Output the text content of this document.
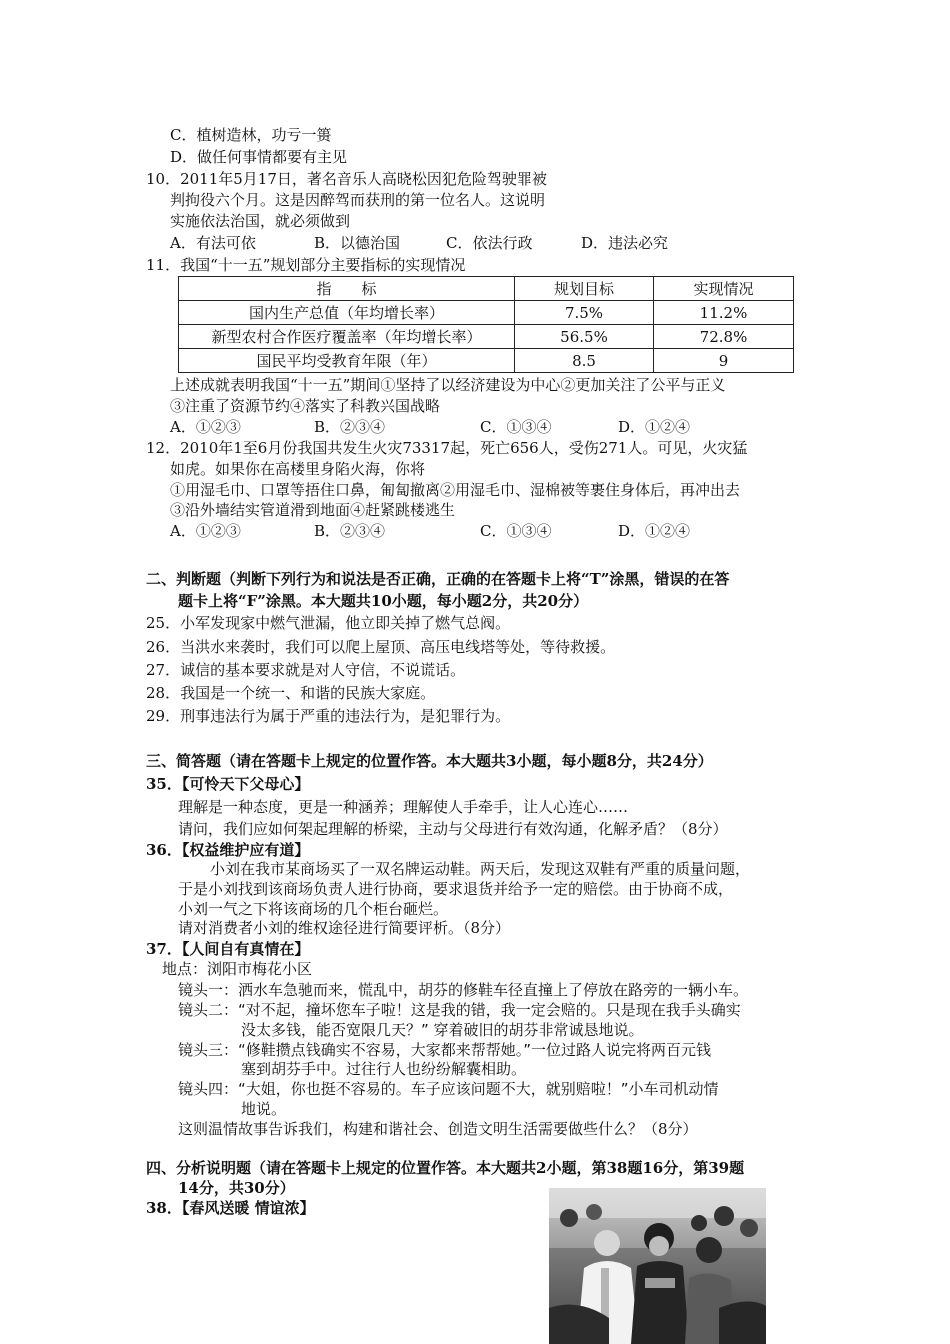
C．植树造林，功亏一篑
D．做任何事情都要有主见
10．2011年5月17日，著名音乐人高晓松因犯危险驾驶罪被
判拘役六个月。这是因醉驾而获刑的第一位名人。这说明
实施依法治国，就必须做到
A．有法可依	B．以德治国	C．依法行政	D．违法必究
11．我国“十一五”规划部分主要指标的实现情况
指　　标	规划目标	实现情况
国内生产总值（年均增长率）	7.5%	11.2%
新型农村合作医疗覆盖率（年均增长率）	56.5%	72.8%
国民平均受教育年限（年）	8.5	9
上述成就表明我国“十一五”期间①坚持了以经济建设为中心②更加关注了公平与正义
③注重了资源节约④落实了科教兴国战略
A．①②③	B．②③④	C．①③④	D．①②④
12．2010年1至6月份我国共发生火灾73317起，死亡656人，受伤271人。可见，火灾猛
如虎。如果你在高楼里身陷火海，你将
①用湿毛巾、口罩等捂住口鼻，匍匐撤离②用湿毛巾、湿棉被等裹住身体后，再冲出去
③沿外墙结实管道滑到地面④赶紧跳楼逃生
A．①②③	B．②③④	C．①③④	D．①②④
二、判断题（判断下列行为和说法是否正确，正确的在答题卡上将“T”涂黑，错误的在答
题卡上将“F”涂黑。本大题共10小题，每小题2分，共20分）
25．小军发现家中燃气泄漏，他立即关掉了燃气总阀。
26．当洪水来袭时，我们可以爬上屋顶、高压电线塔等处，等待救援。
27．诚信的基本要求就是对人守信，不说谎话。
28．我国是一个统一、和谐的民族大家庭。
29．刑事违法行为属于严重的违法行为，是犯罪行为。
三、简答题（请在答题卡上规定的位置作答。本大题共3小题，每小题8分，共24分）
35．【可怜天下父母心】
理解是一种态度，更是一种涵养；理解使人手牵手，让人心连心……
请问，我们应如何架起理解的桥梁，主动与父母进行有效沟通，化解矛盾？（8分）
36．【权益维护应有道】
小刘在我市某商场买了一双名牌运动鞋。两天后，发现这双鞋有严重的质量问题，
于是小刘找到该商场负责人进行协商，要求退货并给予一定的赔偿。由于协商不成，
小刘一气之下将该商场的几个柜台砸烂。
请对消费者小刘的维权途径进行简要评析。（8分）
37．【人间自有真情在】
地点：浏阳市梅花小区
镜头一：洒水车急驰而来，慌乱中，胡芬的修鞋车径直撞上了停放在路旁的一辆小车。
镜头二：“对不起，撞坏您车子啦！这是我的错，我一定会赔的。只是现在我手头确实
没太多钱，能否宽限几天？” 穿着破旧的胡芬非常诚恳地说。
镜头三：“修鞋攒点钱确实不容易，大家都来帮帮她。”一位过路人说完将两百元钱
塞到胡芬手中。过往行人也纷纷解囊相助。
镜头四：“大姐，你也挺不容易的。车子应该问题不大，就别赔啦！”小车司机动情
地说。
这则温情故事告诉我们，构建和谐社会、创造文明生活需要做些什么？（8分）
四、分析说明题（请在答题卡上规定的位置作答。本大题共2小题，第38题16分，第39题
14分，共30分）
38．【春风送暖 情谊浓】
